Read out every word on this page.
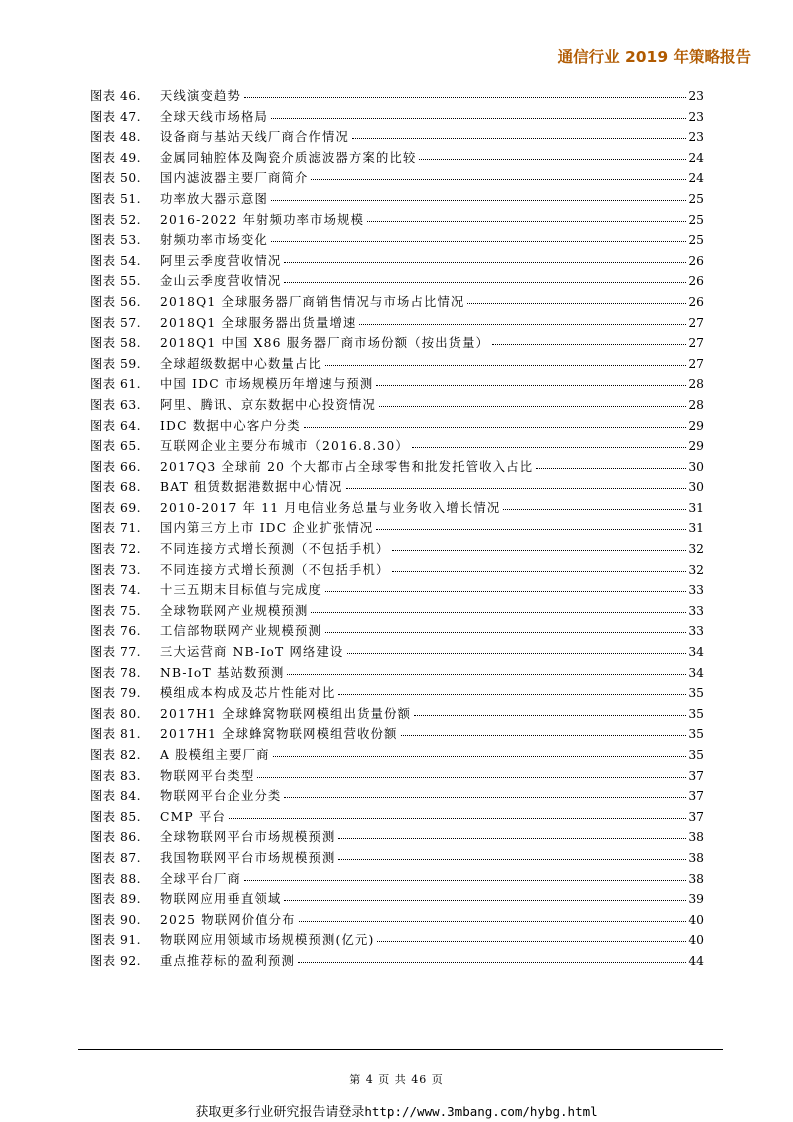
通信行业 2019 年策略报告
图表 46.	天线演变趋势	23
图表 47.	全球天线市场格局	23
图表 48.	设备商与基站天线厂商合作情况	23
图表 49.	金属同轴腔体及陶瓷介质滤波器方案的比较	24
图表 50.	国内滤波器主要厂商简介	24
图表 51.	功率放大器示意图	25
图表 52.	2016-2022 年射频功率市场规模	25
图表 53.	射频功率市场变化	25
图表 54.	阿里云季度营收情况	26
图表 55.	金山云季度营收情况	26
图表 56.	2018Q1 全球服务器厂商销售情况与市场占比情况	26
图表 57.	2018Q1 全球服务器出货量增速	27
图表 58.	2018Q1 中国 X86 服务器厂商市场份额（按出货量）	27
图表 59.	全球超级数据中心数量占比	27
图表 61.	中国 IDC 市场规模历年增速与预测	28
图表 63.	阿里、腾讯、京东数据中心投资情况	28
图表 64.	IDC 数据中心客户分类	29
图表 65.	互联网企业主要分布城市（2016.8.30）	29
图表 66.	2017Q3 全球前 20 个大都市占全球零售和批发托管收入占比	30
图表 68.	BAT 租赁数据港数据中心情况	30
图表 69.	2010-2017 年 11 月电信业务总量与业务收入增长情况	31
图表 71.	国内第三方上市 IDC 企业扩张情况	31
图表 72.	不同连接方式增长预测（不包括手机）	32
图表 73.	不同连接方式增长预测（不包括手机）	32
图表 74.	十三五期末目标值与完成度	33
图表 75.	全球物联网产业规模预测	33
图表 76.	工信部物联网产业规模预测	33
图表 77.	三大运营商 NB-IoT 网络建设	34
图表 78.	NB-IoT 基站数预测	34
图表 79.	模组成本构成及芯片性能对比	35
图表 80.	2017H1 全球蜂窝物联网模组出货量份额	35
图表 81.	2017H1 全球蜂窝物联网模组营收份额	35
图表 82.	A 股模组主要厂商	35
图表 83.	物联网平台类型	37
图表 84.	物联网平台企业分类	37
图表 85.	CMP 平台	37
图表 86.	全球物联网平台市场规模预测	38
图表 87.	我国物联网平台市场规模预测	38
图表 88.	全球平台厂商	38
图表 89.	物联网应用垂直领域	39
图表 90.	2025 物联网价值分布	40
图表 91.	物联网应用领域市场规模预测(亿元)	40
图表 92.	重点推荐标的盈利预测	44
第 4 页 共 46 页
获取更多行业研究报告请登录http://www.3mbang.com/hybg.html
